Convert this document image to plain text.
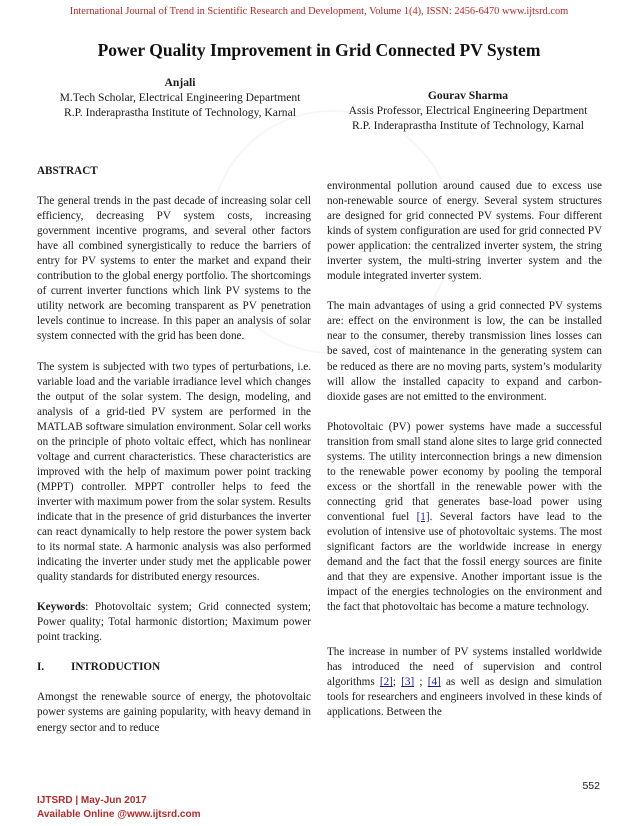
International Journal of Trend in Scientific Research and Development, Volume 1(4), ISSN: 2456-6470 www.ijtsrd.com
Power Quality Improvement in Grid Connected PV System
Anjali
M.Tech Scholar, Electrical Engineering Department
R.P. Inderaprastha Institute of Technology, Karnal
Gourav Sharma
Assis Professor, Electrical Engineering Department
R.P. Inderaprastha Institute of Technology, Karnal

ABSTRACT

The general trends in the past decade of increasing solar cell efficiency, decreasing PV system costs, increasing government incentive programs, and several other factors have all combined synergistically to reduce the barriers of entry for PV systems to enter the market and expand their contribution to the global energy portfolio. The shortcomings of current inverter functions which link PV systems to the utility network are becoming transparent as PV penetration levels continue to increase. In this paper an analysis of solar system connected with the grid has been done.

The system is subjected with two types of perturbations, i.e. variable load and the variable irradiance level which changes the output of the solar system. The design, modeling, and analysis of a grid-tied PV system are performed in the MATLAB software simulation environment. Solar cell works on the principle of photo voltaic effect, which has nonlinear voltage and current characteristics. These characteristics are improved with the help of maximum power point tracking (MPPT) controller. MPPT controller helps to feed the inverter with maximum power from the solar system. Results indicate that in the presence of grid disturbances the inverter can react dynamically to help restore the power system back to its normal state. A harmonic analysis was also performed indicating the inverter under study met the applicable power quality standards for distributed energy resources.

Keywords: Photovoltaic system; Grid connected system; Power quality; Total harmonic distortion; Maximum power point tracking.

I. INTRODUCTION

Amongst the renewable source of energy, the photovoltaic power systems are gaining popularity, with heavy demand in energy sector and to reduce

environmental pollution around caused due to excess use non-renewable source of energy. Several system structures are designed for grid connected PV systems. Four different kinds of system configuration are used for grid connected PV power application: the centralized inverter system, the string inverter system, the multi-string inverter system and the module integrated inverter system.

The main advantages of using a grid connected PV systems are: effect on the environment is low, the can be installed near to the consumer, thereby transmission lines losses can be saved, cost of maintenance in the generating system can be reduced as there are no moving parts, system’s modularity will allow the installed capacity to expand and carbon-dioxide gases are not emitted to the environment.

Photovoltaic (PV) power systems have made a successful transition from small stand alone sites to large grid connected systems. The utility interconnection brings a new dimension to the renewable power economy by pooling the temporal excess or the shortfall in the renewable power with the connecting grid that generates base-load power using conventional fuel [1]. Several factors have lead to the evolution of intensive use of photovoltaic systems. The most significant factors are the worldwide increase in energy demand and the fact that the fossil energy sources are finite and that they are expensive. Another important issue is the impact of the energies technologies on the environment and the fact that photovoltaic has become a mature technology.

The increase in number of PV systems installed worldwide has introduced the need of supervision and control algorithms [2]; [3] ; [4] as well as design and simulation tools for researchers and engineers involved in these kinds of applications. Between the

552
IJTSRD | May-Jun 2017
Available Online @www.ijtsrd.com
